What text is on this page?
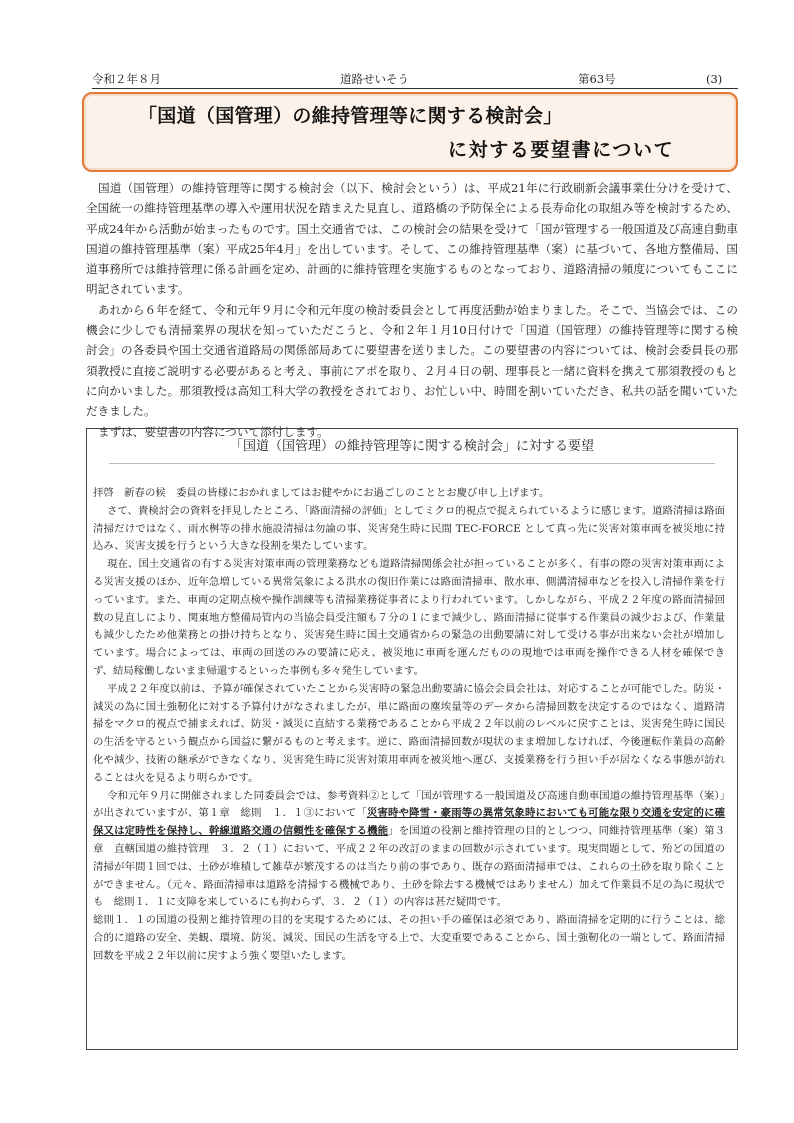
令和２年８月	道路せいそう	第63号	(3)
「国道（国管理）の維持管理等に関する検討会」
に対する要望書について

国道（国管理）の維持管理等に関する検討会（以下、検討会という）は、平成21年に行政刷新会議事業仕分けを受けて、全国統一の維持管理基準の導入や運用状況を踏まえた見直し、道路橋の予防保全による長寿命化の取組み等を検討するため、平成24年から活動が始まったものです。国土交通省では、この検討会の結果を受けて「国が管理する一般国道及び高速自動車国道の維持管理基準（案）平成25年4月」を出しています。そして、この維持管理基準（案）に基づいて、各地方整備局、国道事務所では維持管理に係る計画を定め、計画的に維持管理を実施するものとなっており、道路清掃の頻度についてもここに明記されています。

あれから６年を経て、令和元年９月に令和元年度の検討委員会として再度活動が始まりました。そこで、当協会では、この機会に少しでも清掃業界の現状を知っていただこうと、令和２年１月10日付けで「国道（国管理）の維持管理等に関する検討会」の各委員や国土交通省道路局の関係部局あてに要望書を送りました。この要望書の内容については、検討会委員長の那須教授に直接ご説明する必要があると考え、事前にアポを取り、２月４日の朝、理事長と一緒に資料を携えて那須教授のもとに向かいました。那須教授は高知工科大学の教授をされており、お忙しい中、時間を割いていただき、私共の話を聞いていただきました。

まずは、要望書の内容について添付します。

「国道（国管理）の維持管理等に関する検討会」に対する要望

拝啓　新春の候　委員の皆様におかれましてはお健やかにお過ごしのこととお慶び申し上げます。

さて、貴検討会の資料を拝見したところ、「路面清掃の評価」としてミクロ的視点で捉えられているように感じます。道路清掃は路面清掃だけではなく、雨水桝等の排水施設清掃は勿論の事、災害発生時に民間 TEC-FORCE として真っ先に災害対策車両を被災地に持込み、災害支援を行うという大きな役割を果たしています。

現在、国土交通省の有する災害対策車両の管理業務なども道路清掃関係会社が担っていることが多く、有事の際の災害対策車両による災害支援のほか、近年急増している異常気象による洪水の復旧作業には路面清掃車、散水車、側溝清掃車などを投入し清掃作業を行っています。また、車両の定期点検や操作訓練等も清掃業務従事者により行われています。しかしながら、平成２２年度の路面清掃回数の見直しにより、関東地方整備局管内の当協会員受注額も７分の１にまで減少し、路面清掃に従事する作業員の減少および、作業量も減少したため他業務との掛け持ちとなり、災害発生時に国土交通省からの緊急の出動要請に対して受ける事が出来ない会社が増加しています。場合によっては、車両の回送のみの要請に応え、被災地に車両を運んだものの現地では車両を操作できる人材を確保できず、結局稼働しないまま帰還するといった事例も多々発生しています。

平成２２年度以前は、予算が確保されていたことから災害時の緊急出動要請に協会会員会社は、対応することが可能でした。防災・減災の為に国土強靭化に対する予算付けがなされましたが、単に路面の塵埃量等のデータから清掃回数を決定するのではなく、道路清掃をマクロ的視点で捕まえれば、防災・減災に直結する業務であることから平成２２年以前のレベルに戻すことは、災害発生時に国民の生活を守るという観点から国益に繋がるものと考えます。逆に、路面清掃回数が現状のまま増加しなければ、今後運転作業員の高齢化や減少、技術の継承ができなくなり、災害発生時に災害対策用車両を被災地へ運び、支援業務を行う担い手が居なくなる事態が訪れることは火を見るより明らかです。

令和元年９月に開催されました同委員会では、参考資料②として「国が管理する一般国道及び高速自動車国道の維持管理基準（案）」が出されていますが、第１章　総則　１．１③において「災害時や降雪・豪雨等の異常気象時においても可能な限り交通を安定的に確保又は定時性を保持し、幹線道路交通の信頼性を確保する機能」を国道の役割と維持管理の目的としつつ、同維持管理基準（案）第３章　直轄国道の維持管理　３．２（１）において、平成２２年の改訂のままの回数が示されています。現実問題として、殆どの国道の清掃が年間１回では、土砂が堆積して雑草が繁茂するのは当たり前の事であり、既存の路面清掃車では、これらの土砂を取り除くことができません。（元々、路面清掃車は道路を清掃する機械であり、土砂を除去する機械ではありません）加えて作業員不足の為に現状でも　総則１．１に支障を来しているにも拘わらず、３．２（１）の内容は甚だ疑問です。

総則１．１の国道の役割と維持管理の目的を実現するためには、その担い手の確保は必須であり、路面清掃を定期的に行うことは、総合的に道路の安全、美観、環境、防災、減災、国民の生活を守る上で、大変重要であることから、国土強靭化の一端として、路面清掃回数を平成２２年以前に戻すよう強く要望いたします。
